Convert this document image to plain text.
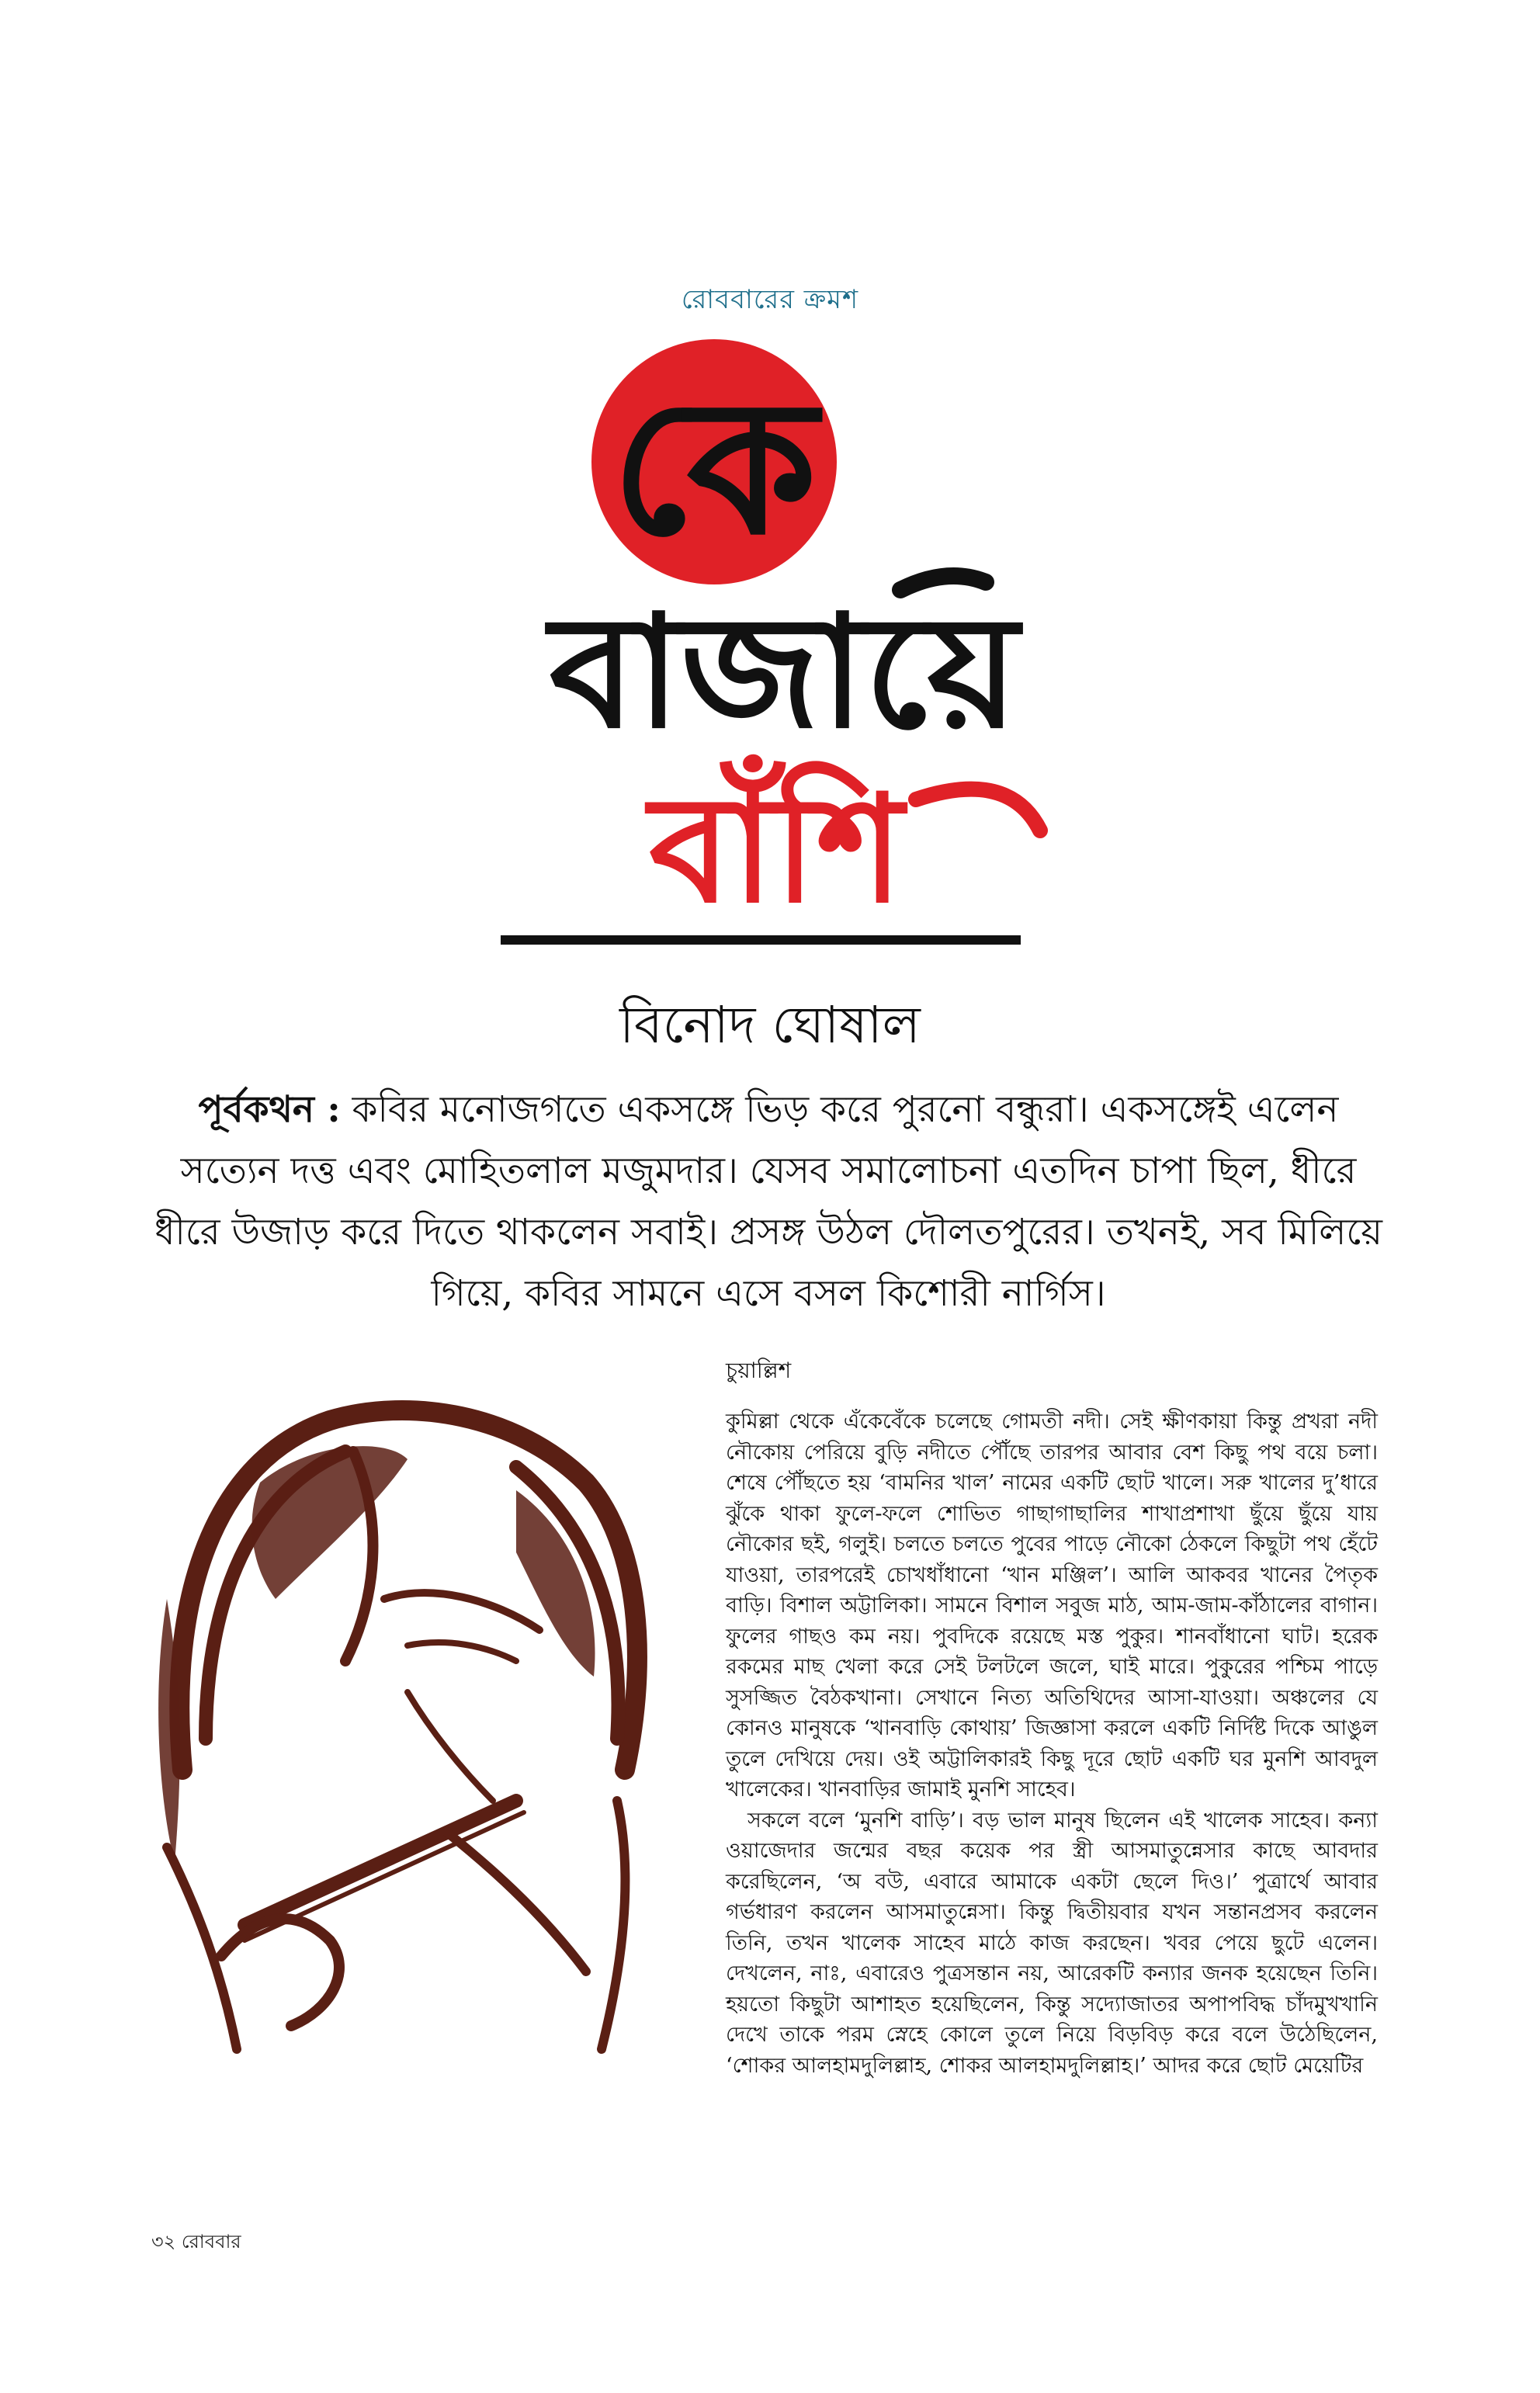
রোববারের ক্রমশ
কে
বাজায়ে
বাঁশি
বিনোদ ঘোষাল
পূর্বকথন : কবির মনোজগতে একসঙ্গে ভিড় করে পুরনো বন্ধুরা। একসঙ্গেই এলেন সত্যেন দত্ত এবং মোহিতলাল মজুমদার। যেসব সমালোচনা এতদিন চাপা ছিল, ধীরে ধীরে উজাড় করে দিতে থাকলেন সবাই। প্রসঙ্গ উঠল দৌলতপুরের। তখনই, সব মিলিয়ে গিয়ে, কবির সামনে এসে বসল কিশোরী নার্গিস।
চুয়াল্লিশ

কুমিল্লা থেকে এঁকেবেঁকে চলেছে গোমতী নদী। সেই ক্ষীণকায়া কিন্তু প্রখরা নদী নৌকোয় পেরিয়ে বুড়ি নদীতে পৌঁছে তারপর আবার বেশ কিছু পথ বয়ে চলা। শেষে পৌঁছতে হয় ‘বামনির খাল’ নামের একটি ছোট খালে। সরু খালের দু’ধারে ঝুঁকে থাকা ফুলে-ফলে শোভিত গাছাগাছালির শাখাপ্রশাখা ছুঁয়ে ছুঁয়ে যায় নৌকোর ছই, গলুই। চলতে চলতে পুবের পাড়ে নৌকো ঠেকলে কিছুটা পথ হেঁটে যাওয়া, তারপরেই চোখধাঁধানো ‘খান মঞ্জিল’। আলি আকবর খানের পৈতৃক বাড়ি। বিশাল অট্টালিকা। সামনে বিশাল সবুজ মাঠ, আম-জাম-কাঁঠালের বাগান। ফুলের গাছও কম নয়। পুবদিকে রয়েছে মস্ত পুকুর। শানবাঁধানো ঘাট। হরেক রকমের মাছ খেলা করে সেই টলটলে জলে, ঘাই মারে। পুকুরের পশ্চিম পাড়ে সুসজ্জিত বৈঠকখানা। সেখানে নিত্য অতিথিদের আসা-যাওয়া। অঞ্চলের যে কোনও মানুষকে ‘খানবাড়ি কোথায়’ জিজ্ঞাসা করলে একটি নির্দিষ্ট দিকে আঙুল তুলে দেখিয়ে দেয়। ওই অট্টালিকারই কিছু দূরে ছোট একটি ঘর মুনশি আবদুল খালেকের। খানবাড়ির জামাই মুনশি সাহেব।

সকলে বলে ‘মুনশি বাড়ি’। বড় ভাল মানুষ ছিলেন এই খালেক সাহেব। কন্যা ওয়াজেদার জন্মের বছর কয়েক পর স্ত্রী আসমাতুন্নেসার কাছে আবদার করেছিলেন, ‘অ বউ, এবারে আমাকে একটা ছেলে দিও।’ পুত্রার্থে আবার গর্ভধারণ করলেন আসমাতুন্নেসা। কিন্তু দ্বিতীয়বার যখন সন্তানপ্রসব করলেন তিনি, তখন খালেক সাহেব মাঠে কাজ করছেন। খবর পেয়ে ছুটে এলেন। দেখলেন, নাঃ, এবারেও পুত্রসন্তান নয়, আরেকটি কন্যার জনক হয়েছেন তিনি। হয়তো কিছুটা আশাহত হয়েছিলেন, কিন্তু সদ্যোজাতর অপাপবিদ্ধ চাঁদমুখখানি দেখে তাকে পরম স্নেহে কোলে তুলে নিয়ে বিড়বিড় করে বলে উঠেছিলেন, ‘শোকর আলহামদুলিল্লাহ, শোকর আলহামদুলিল্লাহ।’ আদর করে ছোট মেয়েটির

৩২ রোববার
